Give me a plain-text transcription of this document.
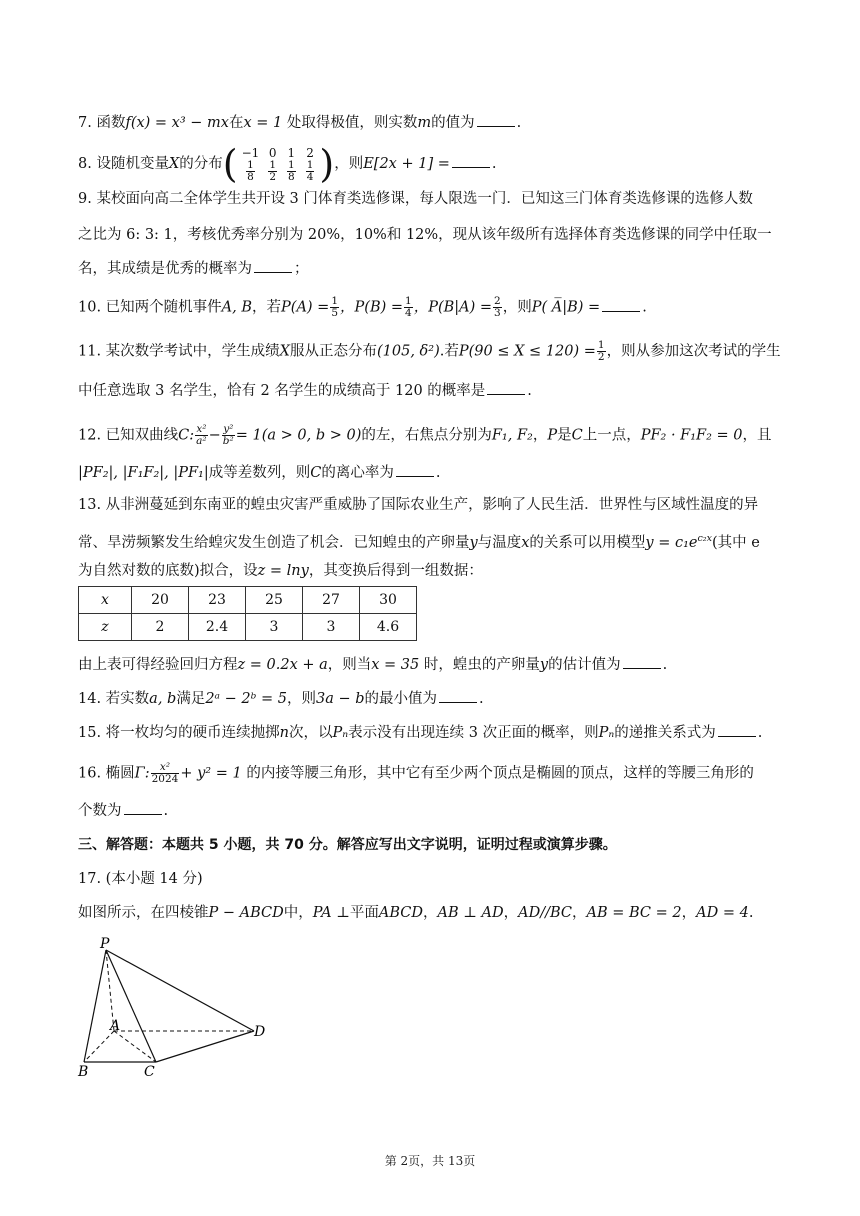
7. 函数f(x) = x³ − mx在x = 1 处取得极值，则实数m的值为	.
8. 设随机变量X的分布( −1	0	1	2

$\frac{1}{8}$	$\frac{1}{2}$	$\frac{1}{8}$	$\frac{1}{4}$ )，则E[2x + 1] =	.
9. 某校面向高二全体学生共开设 3 门体育类选修课，每人限选一门．已知这三门体育类选修课的选修人数
之比为 6: 3: 1，考核优秀率分别为 20%，10%和 12%，现从该年级所有选择体育类选修课的同学中任取一
名，其成绩是优秀的概率为	；
10. 已知两个随机事件A, B，若$P(A) = \frac{1}{5}$ ，$P(B) = \frac{1}{4}$ ，$P(B|A) = \frac{2}{3}$ ，则P( A̅|B) =	.
11. 某次数学考试中，学生成绩X服从正态分布(105, δ²).若$P(90 \le X \le 120) = \frac{1}{2}$ ，则从参加这次考试的学生
中任意选取 3 名学生，恰有 2 名学生的成绩高于 120 的概率是	.
12. 已知双曲线C: $\frac{\text{x²}}{\text{a²}} - \frac{\text{y²}}{\text{b²}} = 1(a > 0$, b > 0)的左，右焦点分别为F₁, F₂，P是C上一点，PF₂ · F₁F₂ = 0，且
|PF₂|, |F₁F₂|, |PF₁|成等差数列，则C的离心率为	.
13. 从非洲蔓延到东南亚的蝗虫灾害严重威胁了国际农业生产，影响了人民生活．世界性与区域性温度的异
常、旱涝频繁发生给蝗灾发生创造了机会．已知蝗虫的产卵量y与温度x的关系可以用模型$y = c_1e^{c_2x}$(其中 e
为自然对数的底数)拟合，设z = lny，其变换后得到一组数据：
x	20	23	25	27	30
z	2	2.4	3	3	4.6
由上表可得经验回归方程z = 0.2x + a，则当x = 35 时，蝗虫的产卵量y的估计值为	.
14. 若实数a, b满足2ᵃ − 2ᵇ = 5，则3a − b的最小值为	.
15. 将一枚均匀的硬币连续抛掷n次，以Pₙ表示没有出现连续 3 次正面的概率，则Pₙ的递推关系式为	.
16. 椭圆Γ: $\frac{\text{x²}}{2024} + y^2 = 1$ 的内接等腰三角形，其中它有至少两个顶点是椭圆的顶点，这样的等腰三角形的
个数为	.
三、解答题：本题共 5 小题，共 70 分。解答应写出文字说明，证明过程或演算步骤。
17. (本小题 14 分)
如图所示，在四棱锥P − ABCD中，PA ⊥平面ABCD，AB ⊥ AD，AD//BC，AB = BC = 2，AD = 4.
P
A
B	C
D
第 2页，共 13页
